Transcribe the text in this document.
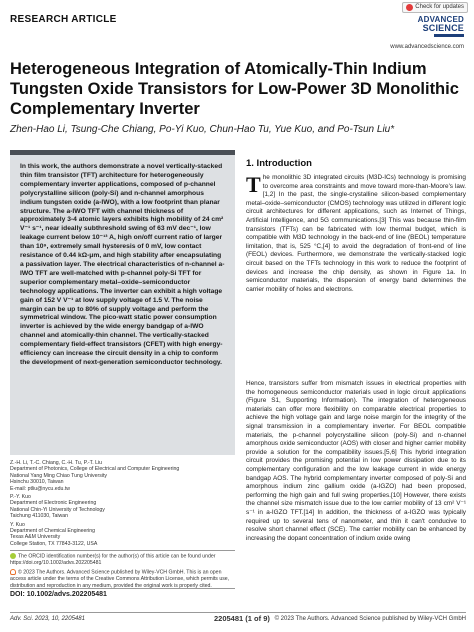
RESEARCH ARTICLE
Check for updates
ADVANCED
SCIENCE
www.advancedscience.com
Heterogeneous Integration of Atomically-Thin Indium Tungsten Oxide Transistors for Low-Power 3D Monolithic Complementary Inverter
Zhen-Hao Li, Tsung-Che Chiang, Po-Yi Kuo, Chun-Hao Tu, Yue Kuo, and Po-Tsun Liu*

In this work, the authors demonstrate a novel vertically-stacked thin film transistor (TFT) architecture for heterogeneously complementary inverter applications, composed of p-channel polycrystalline silicon (poly-Si) and n-channel amorphous indium tungsten oxide (a-IWO), with a low footprint than planar structure. The a-IWO TFT with channel thickness of approximately 3-4 atomic layers exhibits high mobility of 24 cm² V⁻¹ s⁻¹, near ideally subthreshold swing of 63 mV dec⁻¹, low leakage current below 10⁻¹³ A, high on/off current ratio of larger than 10⁹, extremely small hysteresis of 0 mV, low contact resistance of 0.44 kΩ-μm, and high stability after encapsulating a passivation layer. The electrical characteristics of n-channel a-IWO TFT are well-matched with p-channel poly-Si TFT for superior complementary metal–oxide–semiconductor technology applications. The inverter can exhibit a high voltage gain of 152 V V⁻¹ at low supply voltage of 1.5 V. The noise margin can be up to 80% of supply voltage and perform the symmetrical window. The pico-watt static power consumption inverter is achieved by the wide energy bandgap of a-IWO channel and atomically-thin channel. The vertically-stacked complementary field-effect transistors (CFET) with high energy-efficiency can increase the circuit density in a chip to conform the development of next-generation semiconductor technology.

Z.-H. Li, T.-C. Chiang, C.-H. Tu, P.-T. Liu
Department of Photonics, College of Electrical and Computer Engineering
National Yang Ming Chiao Tung University
Hsinchu 30010, Taiwan
E-mail: ptliu@nycu.edu.tw
P.-Y. Kuo
Department of Electronic Engineering
National Chin-Yi University of Technology
Taichung 411030, Taiwan
Y. Kuo
Department of Chemical Engineering
Texas A&M University
College Station, TX 77843-3122, USA
The ORCID identification number(s) for the author(s) of this article can be found under https://doi.org/10.1002/advs.202205481
© 2023 The Authors. Advanced Science published by Wiley-VCH GmbH. This is an open access article under the terms of the Creative Commons Attribution License, which permits use, distribution and reproduction in any medium, provided the original work is properly cited.
DOI: 10.1002/advs.202205481
1. Introduction
The monolithic 3D integrated circuits (M3D-ICs) technology is promising to overcome area constraints and move toward more-than-Moore's law.[1,2] In the past, the single-crystalline silicon-based complementary metal–oxide–semiconductor (CMOS) technology was utilized in different logic circuit architectures for different applications, such as Internet of Things, Artificial Intelligence, and 5G communications.[3] This was because thin-film transistors (TFTs) can be fabricated with low thermal budget, which is compatible with M3D technology in the back-end of line (BEOL) temperature limitation, that is, 525 °C,[4] to avoid the degradation of front-end of line (FEOL) devices. Furthermore, we demonstrate the vertically-stacked logic circuit based on the TFTs technology in this work to reduce the footprint of devices and increase the chip density, as shown in Figure 1a. In semiconductor materials, the dispersion of energy band determines the carrier mobility of holes and electrons.
Hence, transistors suffer from mismatch issues in electrical properties with the homogeneous semiconductor materials used in logic circuit applications (Figure S1, Supporting Information). The integration of heterogeneous materials can offer more flexibility on comparable electrical properties to achieve the high voltage gain and large noise margin for the integrity of the signal transmission in a complementary inverter. For BEOL compatible materials, the p-channel polycrystalline silicon (poly-Si) and n-channel amorphous oxide semiconductor (AOS) with closer and higher carrier mobility provide a solution for the compatibility issues.[5,6] This hybrid integration circuit provides the promising potential in low power dissipation due to its complementary configuration and the low leakage current in wide energy bandgap AOS. The hybrid complementary inverter composed of poly-Si and amorphous indium zinc gallium oxide (a-IGZO) had been proposed, performing the high gain and full swing properties.[10] However, there exists the channel size mismatch issue due to the low carrier mobility of 13 cm² V⁻¹ s⁻¹ in a-IGZO TFT.[14] In addition, the thickness of a-IGZO was typically required up to several tens of nanometer, and thin it can't conducive to resolve short channel effect (SCE). The carrier mobility can be enhanced by increasing the dopant concentration of indium oxide owing
Adv. Sci. 2023, 10, 2205481	2205481 (1 of 9) © 2023 The Authors. Advanced Science published by Wiley-VCH GmbH
